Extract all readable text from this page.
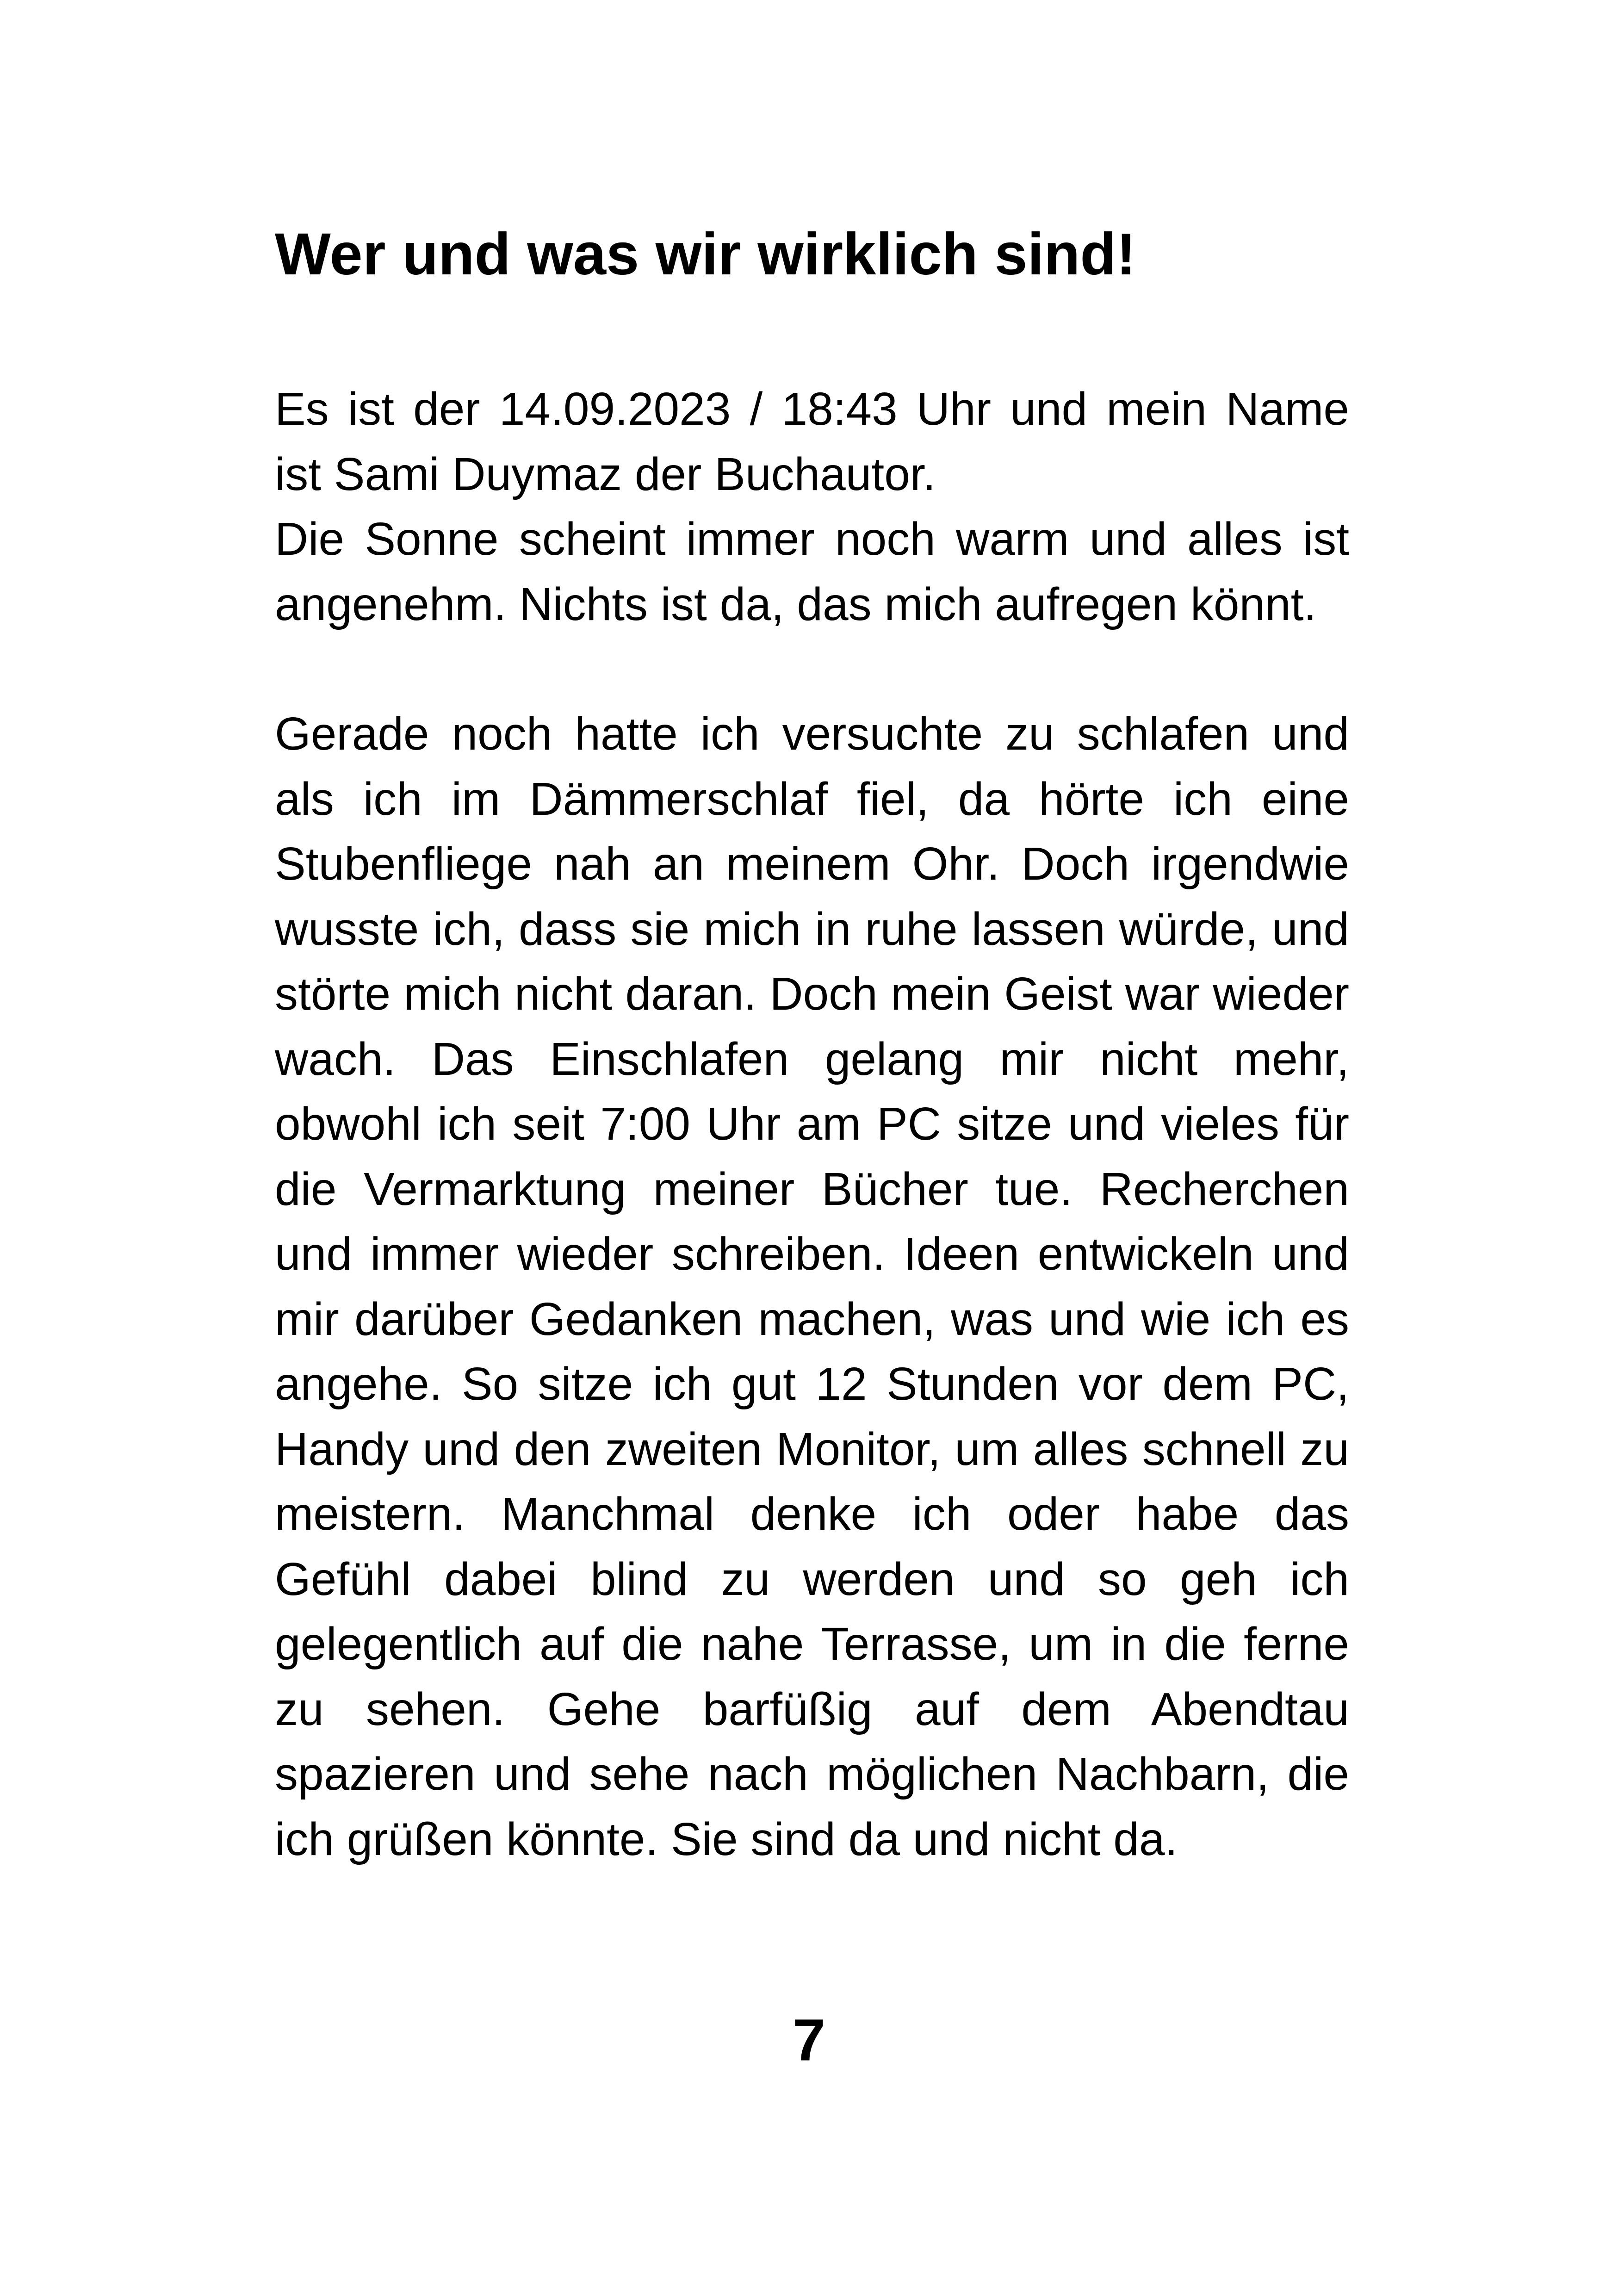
Wer und was wir wirklich sind!
Es ist der 14.09.2023 / 18:43 Uhr und mein Name ist Sami Duymaz der Buchautor.
Die Sonne scheint immer noch warm und alles ist angenehm. Nichts ist da, das mich aufregen könnt.

Gerade noch hatte ich versuchte zu schlafen und als ich im Dämmerschlaf fiel, da hörte ich eine Stubenfliege nah an meinem Ohr. Doch irgendwie wusste ich, dass sie mich in ruhe lassen würde, und störte mich nicht daran. Doch mein Geist war wieder wach. Das Einschlafen gelang mir nicht mehr, obwohl ich seit 7:00 Uhr am PC sitze und vieles für die Vermarktung meiner Bücher tue. Recherchen und immer wieder schreiben. Ideen entwickeln und mir darüber Gedanken machen, was und wie ich es angehe. So sitze ich gut 12 Stunden vor dem PC, Handy und den zweiten Monitor, um alles schnell zu meistern. Manchmal denke ich oder habe das Gefühl dabei blind zu werden und so geh ich gelegentlich auf die nahe Terrasse, um in die ferne zu sehen. Gehe barfüßig auf dem Abendtau spazieren und sehe nach möglichen Nachbarn, die ich grüßen könnte. Sie sind da und nicht da.

7
